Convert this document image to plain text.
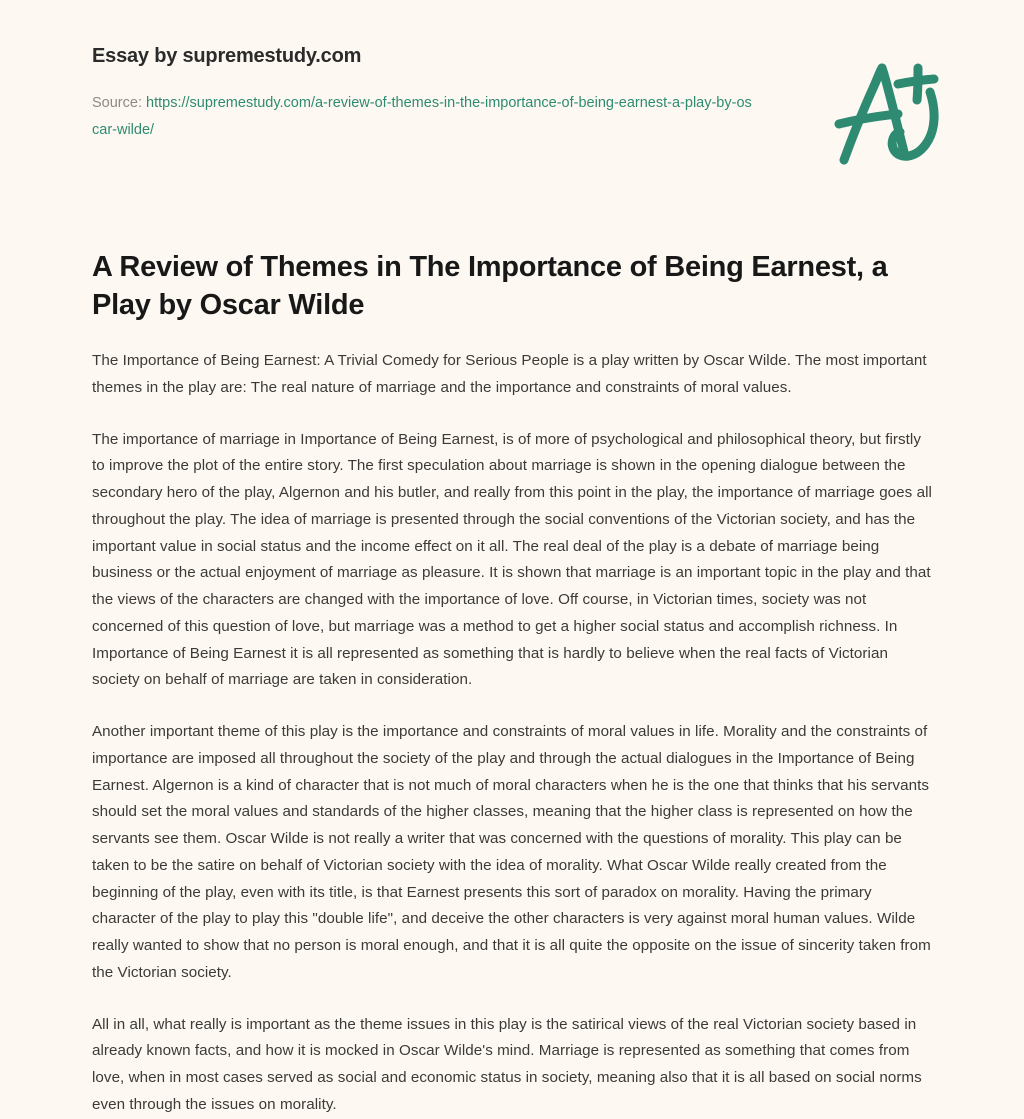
Essay by supremestudy.com
Source: https://supremestudy.com/a-review-of-themes-in-the-importance-of-being-earnest-a-play-by-oscar-wilde/
A Review of Themes in The Importance of Being Earnest, a Play by Oscar Wilde

The Importance of Being Earnest: A Trivial Comedy for Serious People is a play written by Oscar Wilde. The most important themes in the play are: The real nature of marriage and the importance and constraints of moral values.

The importance of marriage in Importance of Being Earnest, is of more of psychological and philosophical theory, but firstly to improve the plot of the entire story. The first speculation about marriage is shown in the opening dialogue between the secondary hero of the play, Algernon and his butler, and really from this point in the play, the importance of marriage goes all throughout the play. The idea of marriage is presented through the social conventions of the Victorian society, and has the important value in social status and the income effect on it all. The real deal of the play is a debate of marriage being business or the actual enjoyment of marriage as pleasure. It is shown that marriage is an important topic in the play and that the views of the characters are changed with the importance of love. Off course, in Victorian times, society was not concerned of this question of love, but marriage was a method to get a higher social status and accomplish richness. In Importance of Being Earnest it is all represented as something that is hardly to believe when the real facts of Victorian society on behalf of marriage are taken in consideration.

Another important theme of this play is the importance and constraints of moral values in life. Morality and the constraints of importance are imposed all throughout the society of the play and through the actual dialogues in the Importance of Being Earnest. Algernon is a kind of character that is not much of moral characters when he is the one that thinks that his servants should set the moral values and standards of the higher classes, meaning that the higher class is represented on how the servants see them. Oscar Wilde is not really a writer that was concerned with the questions of morality. This play can be taken to be the satire on behalf of Victorian society with the idea of morality. What Oscar Wilde really created from the beginning of the play, even with its title, is that Earnest presents this sort of paradox on morality. Having the primary character of the play to play this "double life", and deceive the other characters is very against moral human values. Wilde really wanted to show that no person is moral enough, and that it is all quite the opposite on the issue of sincerity taken from the Victorian society.

All in all, what really is important as the theme issues in this play is the satirical views of the real Victorian society based in already known facts, and how it is mocked in Oscar Wilde's mind. Marriage is represented as something that comes from love, when in most cases served as social and economic status in society, meaning also that it is all based on social norms even through the issues on morality.
